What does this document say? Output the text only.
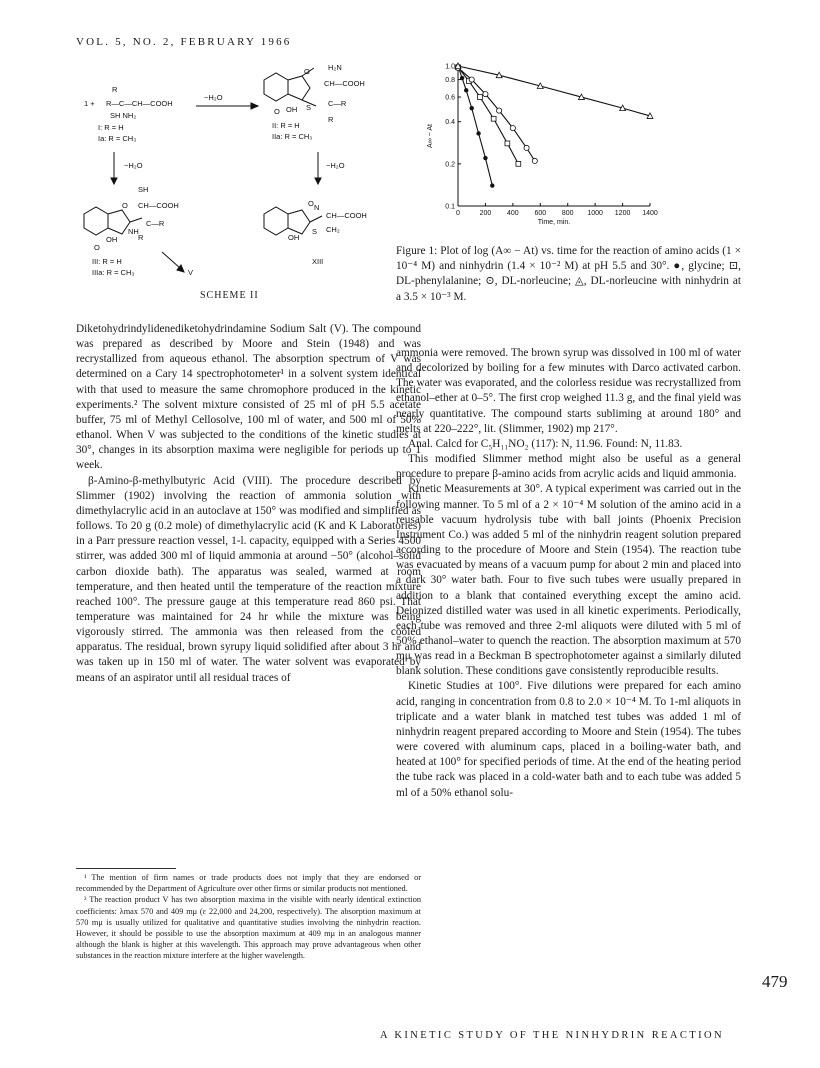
VOL. 5, NO. 2, FEBRUARY 1966
1 +
R
R—C—CH—COOH
SH NH₂
I: R = H
Ia: R = CH₃
−H₂O
−H₂O	−H₂O
H₂N
CH—COOH
C—R
R
S
OH
O
O
II: R = H
IIa: R = CH₃
SH
CH—COOH
C—R
R
NH
OH
O
O
III: R = H
IIIa: R = CH₃	V
N
CH—COOH
CH₂
S
OH
O
XIII
SCHEME II
0	200 400 600 800 1000 1200 1400
0.1
0.2
0.4
0.6
0.8
1.0
Time, min.
A∞ − At
Figure 1: Plot of log (A∞ − At) vs. time for the reaction of amino acids (1 × 10⁻⁴ M) and ninhydrin (1.4 × 10⁻² M) at pH 5.5 and 30°. ●, glycine; ⊡, DL-phenylalanine; ⊙, DL-norleucine; ◬, DL-norleucine with ninhydrin at a 3.5 × 10⁻³ M.

Diketohydrindylidenediketohydrindamine Sodium Salt (V). The compound was prepared as described by Moore and Stein (1948) and was recrystallized from aqueous ethanol. The absorption spectrum of V was determined on a Cary 14 spectrophotometer¹ in a solvent system identical with that used to measure the same chromophore produced in the kinetic experiments.² The solvent mixture consisted of 25 ml of pH 5.5 acetate buffer, 75 ml of Methyl Cellosolve, 100 ml of water, and 500 ml of 50% ethanol. When V was subjected to the conditions of the kinetic studies at 30°, changes in its absorption maxima were negligible for periods up to 1 week.

β-Amino-β-methylbutyric Acid (VIII). The procedure described by Slimmer (1902) involving the reaction of ammonia solution with dimethylacrylic acid in an autoclave at 150° was modified and simplified as follows. To 20 g (0.2 mole) of dimethylacrylic acid (K and K Laboratories) in a Parr pressure reaction vessel, 1-l. capacity, equipped with a Series 4500 stirrer, was added 300 ml of liquid ammonia at around −50° (alcohol–solid carbon dioxide bath). The apparatus was sealed, warmed at room temperature, and then heated until the temperature of the reaction mixture reached 100°. The pressure gauge at this temperature read 860 psi. That temperature was maintained for 24 hr while the mixture was being vigorously stirred. The ammonia was then released from the cooled apparatus. The residual, brown syrupy liquid solidified after about 3 hr and was taken up in 150 ml of water. The water solvent was evaporated by means of an aspirator until all residual traces of

¹ The mention of firm names or trade products does not imply that they are endorsed or recommended by the Department of Agriculture over other firms or similar products not mentioned.

² The reaction product V has two absorption maxima in the visible with nearly identical extinction coefficients: λmax 570 and 409 mμ (ε 22,000 and 24,200, respectively). The absorption maximum at 570 mμ is usually utilized for qualitative and quantitative studies involving the ninhydrin reaction. However, it should be possible to use the absorption maximum at 409 mμ in an analogous manner although the blank is higher at this wavelength. This approach may prove advantageous when other substances in the reaction mixture interfere at the higher wavelength.

ammonia were removed. The brown syrup was dissolved in 100 ml of water and decolorized by boiling for a few minutes with Darco activated carbon. The water was evaporated, and the colorless residue was recrystallized from ethanol–ether at 0–5°. The first crop weighed 11.3 g, and the final yield was nearly quantitative. The compound starts subliming at around 180° and melts at 220–222°, lit. (Slimmer, 1902) mp 217°.

Anal. Calcd for C₅H₁₁NO₂ (117): N, 11.96. Found: N, 11.83.

This modified Slimmer method might also be useful as a general procedure to prepare β-amino acids from acrylic acids and liquid ammonia.

Kinetic Measurements at 30°. A typical experiment was carried out in the following manner. To 5 ml of a 2 × 10⁻⁴ M solution of the amino acid in a reusable vacuum hydrolysis tube with ball joints (Phoenix Precision Instrument Co.) was added 5 ml of the ninhydrin reagent solution prepared according to the procedure of Moore and Stein (1954). The reaction tube was evacuated by means of a vacuum pump for about 2 min and placed into a dark 30° water bath. Four to five such tubes were usually prepared in addition to a blank that contained everything except the amino acid. Deionized distilled water was used in all kinetic experiments. Periodically, each tube was removed and three 2-ml aliquots were diluted with 5 ml of 50% ethanol–water to quench the reaction. The absorption maximum at 570 mμ was read in a Beckman B spectrophotometer against a similarly diluted blank solution. These conditions gave consistently reproducible results.

Kinetic Studies at 100°. Five dilutions were prepared for each amino acid, ranging in concentration from 0.8 to 2.0 × 10⁻⁴ M. To 1-ml aliquots in triplicate and a water blank in matched test tubes was added 1 ml of ninhydrin reagent prepared according to Moore and Stein (1954). The tubes were covered with aluminum caps, placed in a boiling-water bath, and heated at 100° for specified periods of time. At the end of the heating period the tube rack was placed in a cold-water bath and to each tube was added 5 ml of a 50% ethanol solu-

479
A KINETIC STUDY OF THE NINHYDRIN REACTION
